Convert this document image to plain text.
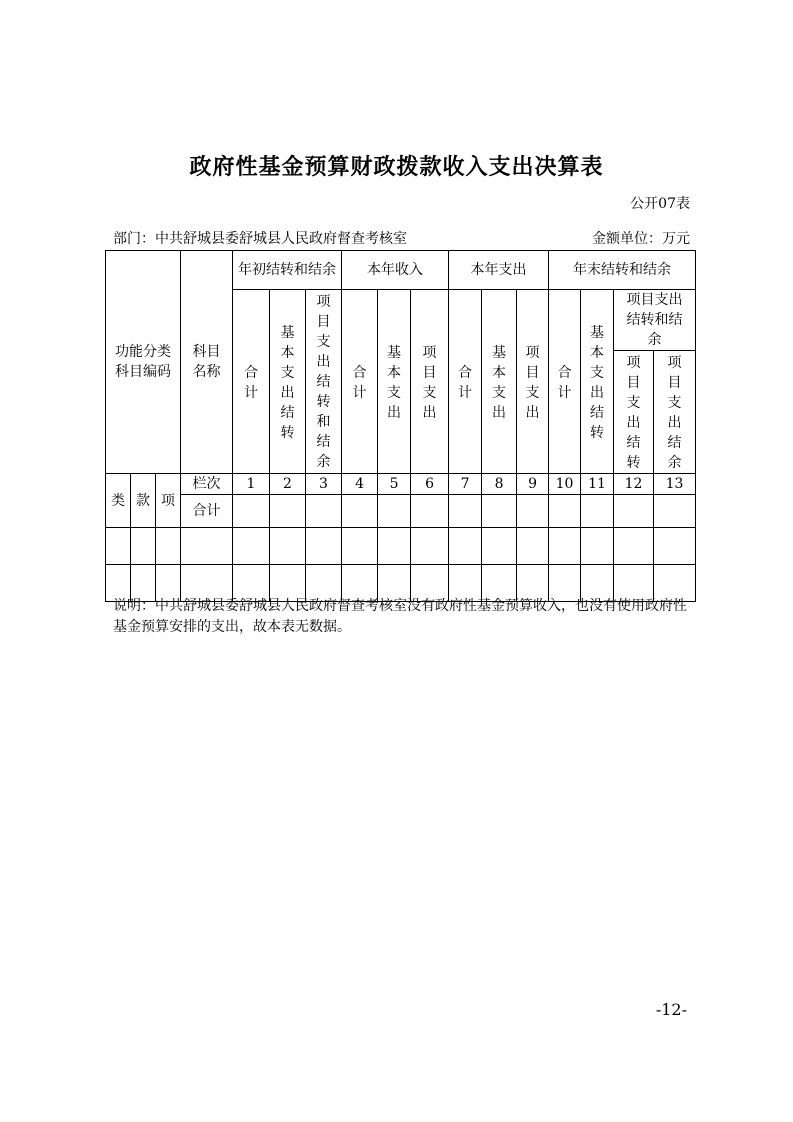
政府性基金预算财政拨款收入支出决算表
公开07表
部门：中共舒城县委舒城县人民政府督查考核室	金额单位：万元
功能分类科目编码			科目名称	年初结转和结余			本年收入			本年支出			年末结转和结余			

				合计	基本支出结转	项目支出结转和结余	合计	基本支出	项目支出	合计	基本支出	项目支出	合计	基本支出结转	项目支出结转和结余	

															项目支出结转	项目支出结余

类	款	项	栏次	1	2	3	4	5	6	7	8	9	10	11	12	13
			合计													

说明：中共舒城县委舒城县人民政府督查考核室没有政府性基金预算收入，也没有使用政府性基金预算安排的支出，故本表无数据。
-12-
